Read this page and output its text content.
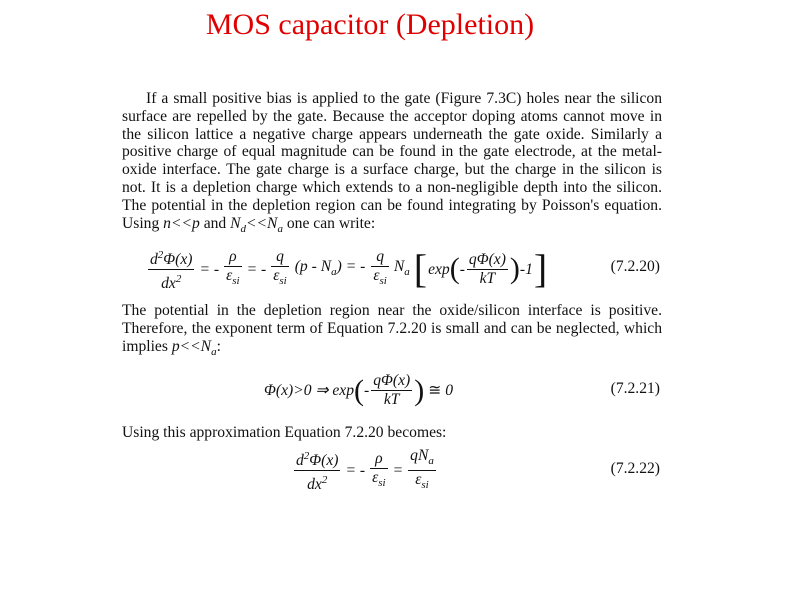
MOS capacitor (Depletion)

If a small positive bias is applied to the gate (Figure 7.3C) holes near the silicon surface are repelled by the gate. Because the acceptor doping atoms cannot move in the silicon lattice a negative charge appears underneath the gate oxide. Similarly a positive charge of equal magnitude can be found in the gate electrode, at the metal-oxide interface. The gate charge is a surface charge, but the charge in the silicon is not. It is a depletion charge which extends to a non-negligible depth into the silicon. The potential in the depletion region can be found integrating by Poisson's equation. Using n<<p and $N_d<<N_a$ one can write:

$\frac{d^2\Phi(x)}{dx^2}$ = - $\frac{\rho}{\varepsilon_{si}}$ = - $\frac{q}{\varepsilon_{si}} (p - N_a)$ = - $\frac{q}{\varepsilon_{si}} N_a$ [ exp ( - $\frac{q\Phi(x)}{kT}$ ) -1 ]	(7.2.20)

The potential in the depletion region near the oxide/silicon interface is positive. Therefore, the exponent term of Equation 7.2.20 is small and can be neglected, which implies $p<<N_a$:

Φ(x)>0 ⇒ exp ( - $\frac{q\Phi(x)}{kT}$ ) ≅ 0	(7.2.21)

Using this approximation Equation 7.2.20 becomes:

$\frac{d^2\Phi(x)}{dx^2}$ = - $\frac{\rho}{\varepsilon_{si}} = \frac{qN_a}{\varepsilon_{si}}$	(7.2.22)
